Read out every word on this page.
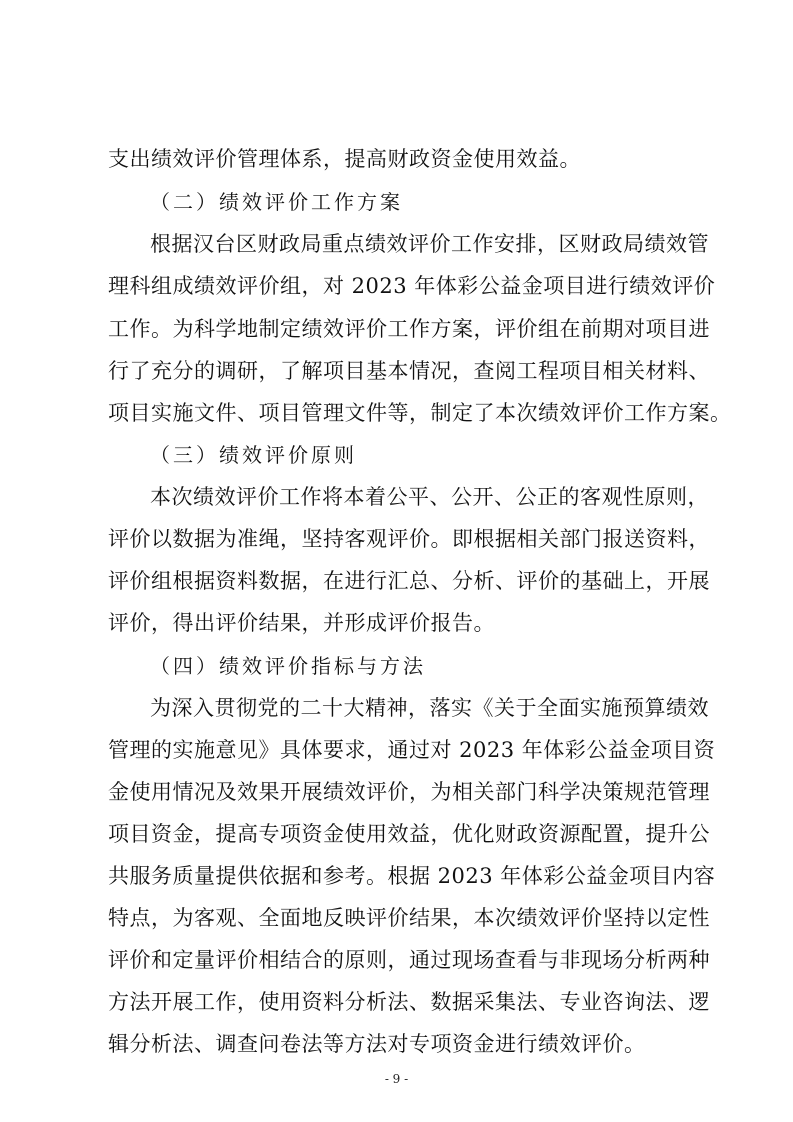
支出绩效评价管理体系，提高财政资金使用效益。
（二）绩效评价工作方案
根据汉台区财政局重点绩效评价工作安排，区财政局绩效管
理科组成绩效评价组，对 2023 年体彩公益金项目进行绩效评价
工作。为科学地制定绩效评价工作方案，评价组在前期对项目进
行了充分的调研，了解项目基本情况，查阅工程项目相关材料、
项目实施文件、项目管理文件等，制定了本次绩效评价工作方案。
（三）绩效评价原则
本次绩效评价工作将本着公平、公开、公正的客观性原则，
评价以数据为准绳，坚持客观评价。即根据相关部门报送资料，
评价组根据资料数据，在进行汇总、分析、评价的基础上，开展
评价，得出评价结果，并形成评价报告。
（四）绩效评价指标与方法
为深入贯彻党的二十大精神，落实《关于全面实施预算绩效
管理的实施意见》具体要求，通过对 2023 年体彩公益金项目资
金使用情况及效果开展绩效评价，为相关部门科学决策规范管理
项目资金，提高专项资金使用效益，优化财政资源配置，提升公
共服务质量提供依据和参考。根据 2023 年体彩公益金项目内容
特点，为客观、全面地反映评价结果，本次绩效评价坚持以定性
评价和定量评价相结合的原则，通过现场查看与非现场分析两种
方法开展工作，使用资料分析法、数据采集法、专业咨询法、逻
辑分析法、调查问卷法等方法对专项资金进行绩效评价。
- 9 -
